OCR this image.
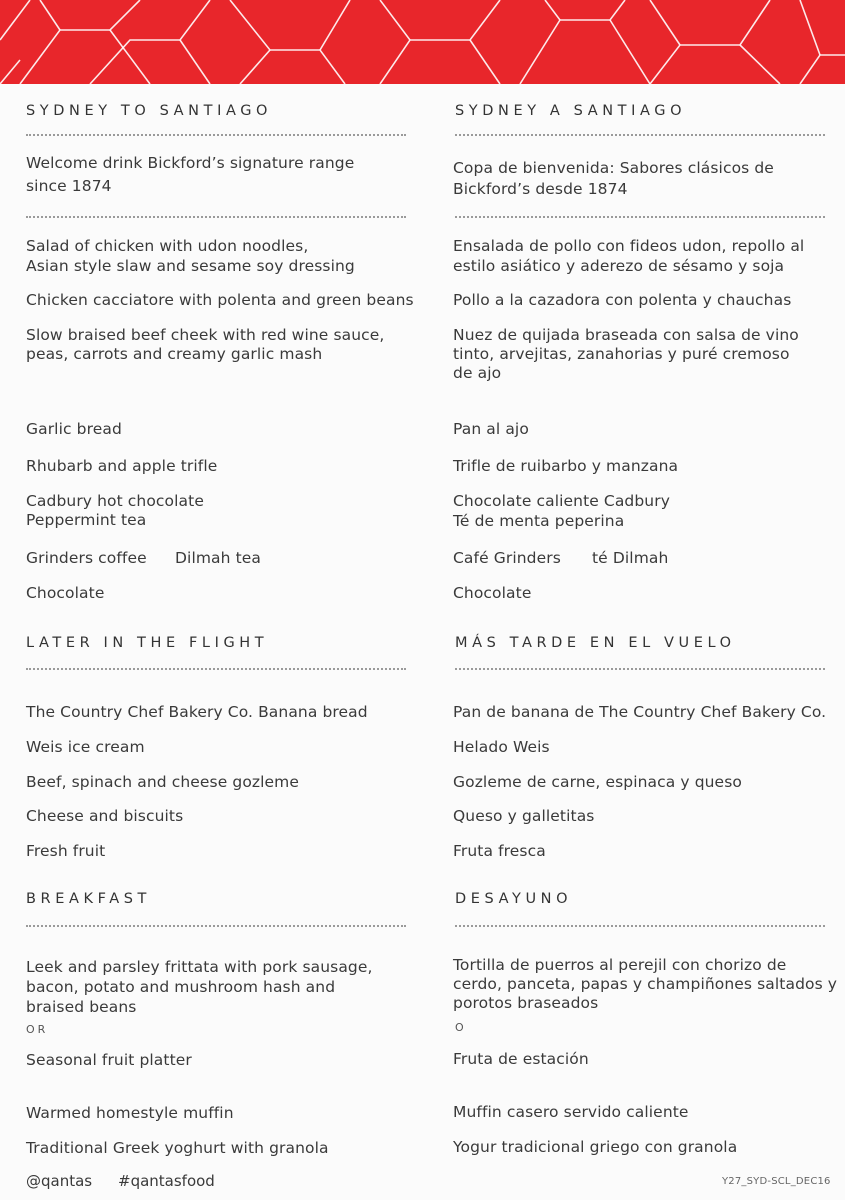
SYDNEY TO SANTIAGO

Welcome drink Bickford’s signature range

since 1874

Salad of chicken with udon noodles,

Asian style slaw and sesame soy dressing

Chicken cacciatore with polenta and green beans

Slow braised beef cheek with red wine sauce,

peas, carrots and creamy garlic mash

Garlic bread

Rhubarb and apple trifle

Cadbury hot chocolate

Peppermint tea

Grinders coffee Dilmah tea

Chocolate

LATER IN THE FLIGHT

The Country Chef Bakery Co. Banana bread

Weis ice cream

Beef, spinach and cheese gozleme

Cheese and biscuits

Fresh fruit

BREAKFAST

Leek and parsley frittata with pork sausage,

bacon, potato and mushroom hash and

braised beans

OR

Seasonal fruit platter

Warmed homestyle muffin

Traditional Greek yoghurt with granola

SYDNEY A SANTIAGO

Copa de bienvenida: Sabores clásicos de

Bickford’s desde 1874

Ensalada de pollo con fideos udon, repollo al

estilo asiático y aderezo de sésamo y soja

Pollo a la cazadora con polenta y chauchas

Nuez de quijada braseada con salsa de vino

tinto, arvejitas, zanahorias y puré cremoso

de ajo

Pan al ajo

Trifle de ruibarbo y manzana

Chocolate caliente Cadbury

Té de menta peperina

Café Grinders té Dilmah

Chocolate

MÁS TARDE EN EL VUELO

Pan de banana de The Country Chef Bakery Co.

Helado Weis

Gozleme de carne, espinaca y queso

Queso y galletitas

Fruta fresca

DESAYUNO

Tortilla de puerros al perejil con chorizo de

cerdo, panceta, papas y champiñones saltados y

porotos braseados

O

Fruta de estación

Muffin casero servido caliente

Yogur tradicional griego con granola

@qantas #qantasfood	Y27_SYD-SCL_DEC16
